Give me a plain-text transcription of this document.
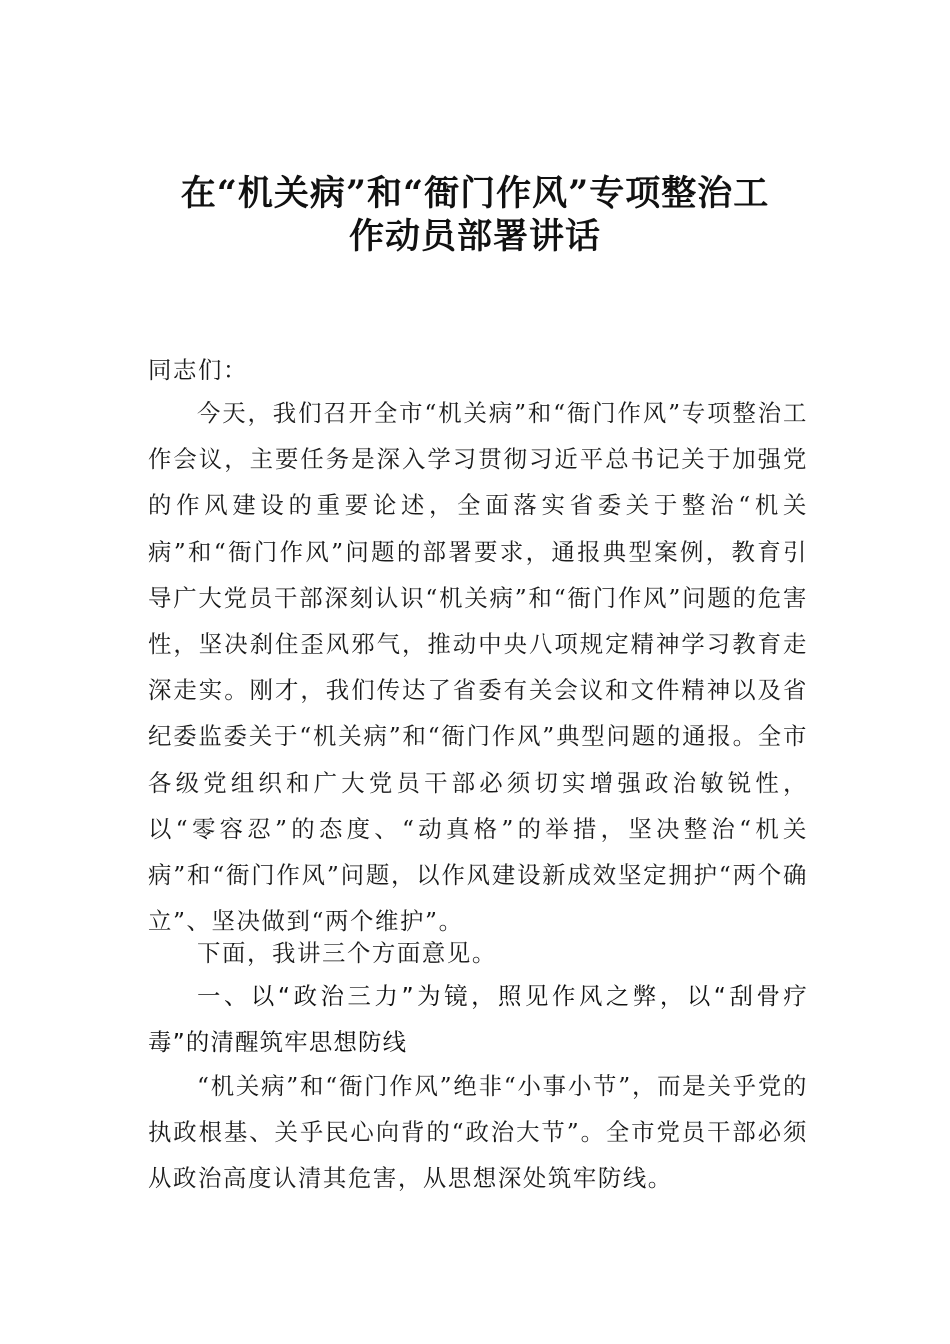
在“机关病”和“衙门作风”专项整治工
作动员部署讲话
同志们：
今天，我们召开全市“机关病”和“衙门作风”专项整治工作会议，主要任务是深入学习贯彻习近平总书记关于加强党的作风建设的重要论述，全面落实省委关于整治“机关病”和“衙门作风”问题的部署要求，通报典型案例，教育引导广大党员干部深刻认识“机关病”和“衙门作风”问题的危害性，坚决刹住歪风邪气，推动中央八项规定精神学习教育走深走实。刚才，我们传达了省委有关会议和文件精神以及省纪委监委关于“机关病”和“衙门作风”典型问题的通报。全市各级党组织和广大党员干部必须切实增强政治敏锐性，以“零容忍”的态度、“动真格”的举措，坚决整治“机关病”和“衙门作风”问题，以作风建设新成效坚定拥护“两个确立”、坚决做到“两个维护”。
下面，我讲三个方面意见。
一、以“政治三力”为镜，照见作风之弊，以“刮骨疗毒”的清醒筑牢思想防线
“机关病”和“衙门作风”绝非“小事小节”，而是关乎党的执政根基、关乎民心向背的“政治大节”。全市党员干部必须从政治高度认清其危害，从思想深处筑牢防线。
